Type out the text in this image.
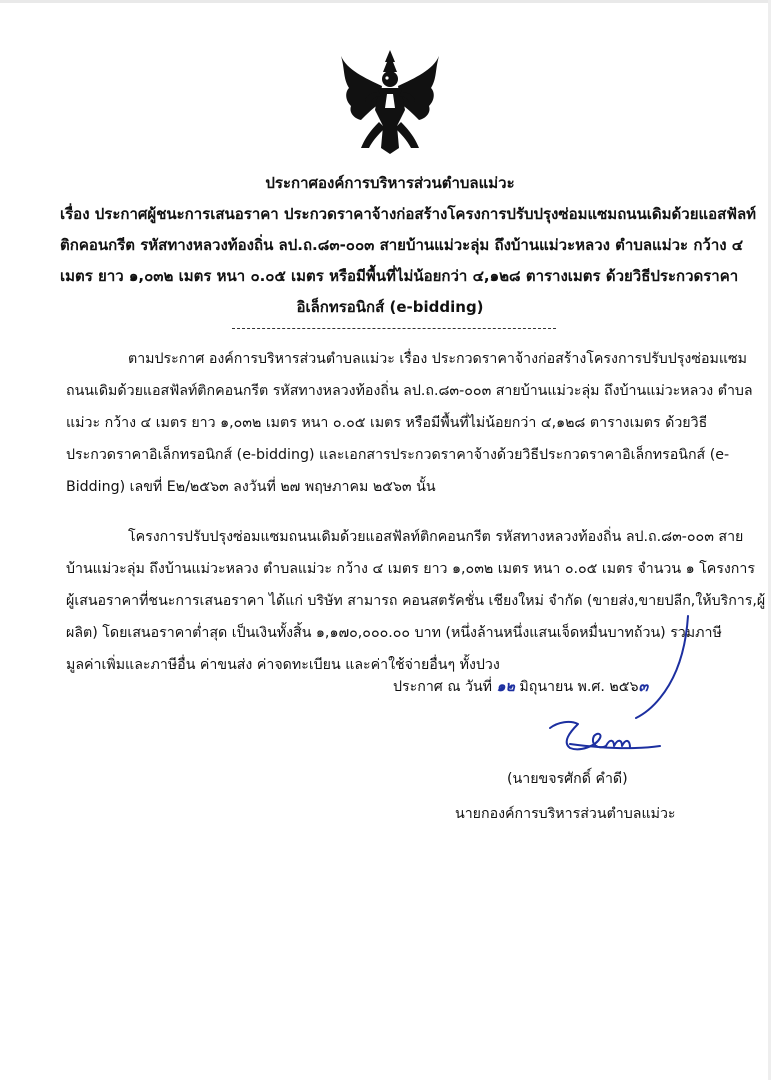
ประกาศองค์การบริหารส่วนตำบลแม่วะ
เรื่อง ประกาศผู้ชนะการเสนอราคา ประกวดราคาจ้างก่อสร้างโครงการปรับปรุงซ่อมแซมถนนเดิมด้วยแอสฟัลท์
ติกคอนกรีต รหัสทางหลวงท้องถิ่น ลป.ถ.๘๓-๐๐๓ สายบ้านแม่วะลุ่ม ถึงบ้านแม่วะหลวง ตำบลแม่วะ กว้าง ๔
เมตร ยาว ๑,๐๓๒ เมตร หนา ๐.๐๕ เมตร หรือมีพื้นที่ไม่น้อยกว่า ๔,๑๒๘ ตารางเมตร ด้วยวิธีประกวดราคา
อิเล็กทรอนิกส์ (e-bidding)
ตามประกาศ องค์การบริหารส่วนตำบลแม่วะ เรื่อง ประกวดราคาจ้างก่อสร้างโครงการปรับปรุงซ่อมแซม
ถนนเดิมด้วยแอสฟัลท์ติกคอนกรีต รหัสทางหลวงท้องถิ่น ลป.ถ.๘๓-๐๐๓ สายบ้านแม่วะลุ่ม ถึงบ้านแม่วะหลวง ตำบล
แม่วะ กว้าง ๔ เมตร ยาว ๑,๐๓๒ เมตร หนา ๐.๐๕ เมตร หรือมีพื้นที่ไม่น้อยกว่า ๔,๑๒๘ ตารางเมตร ด้วยวิธี
ประกวดราคาอิเล็กทรอนิกส์ (e-bidding) และเอกสารประกวดราคาจ้างด้วยวิธีประกวดราคาอิเล็กทรอนิกส์ (e-
Bidding) เลขที่ E๒/๒๕๖๓ ลงวันที่ ๒๗ พฤษภาคม ๒๕๖๓ นั้น
โครงการปรับปรุงซ่อมแซมถนนเดิมด้วยแอสฟัลท์ติกคอนกรีต รหัสทางหลวงท้องถิ่น ลป.ถ.๘๓-๐๐๓ สาย
บ้านแม่วะลุ่ม ถึงบ้านแม่วะหลวง ตำบลแม่วะ กว้าง ๔ เมตร ยาว ๑,๐๓๒ เมตร หนา ๐.๐๕ เมตร จำนวน ๑ โครงการ
ผู้เสนอราคาที่ชนะการเสนอราคา ได้แก่ บริษัท สามารถ คอนสตรัคชั่น เชียงใหม่ จำกัด (ขายส่ง,ขายปลีก,ให้บริการ,ผู้
ผลิต) โดยเสนอราคาต่ำสุด เป็นเงินทั้งสิ้น ๑,๑๗๐,๐๐๐.๐๐ บาท (หนึ่งล้านหนึ่งแสนเจ็ดหมื่นบาทถ้วน) รวมภาษี
มูลค่าเพิ่มและภาษีอื่น ค่าขนส่ง ค่าจดทะเบียน และค่าใช้จ่ายอื่นๆ ทั้งปวง
ประกาศ ณ วันที่ ๑๒ มิถุนายน พ.ศ. ๒๕๖๓
(นายขจรศักดิ์ คำดี)
นายกองค์การบริหารส่วนตำบลแม่วะ
